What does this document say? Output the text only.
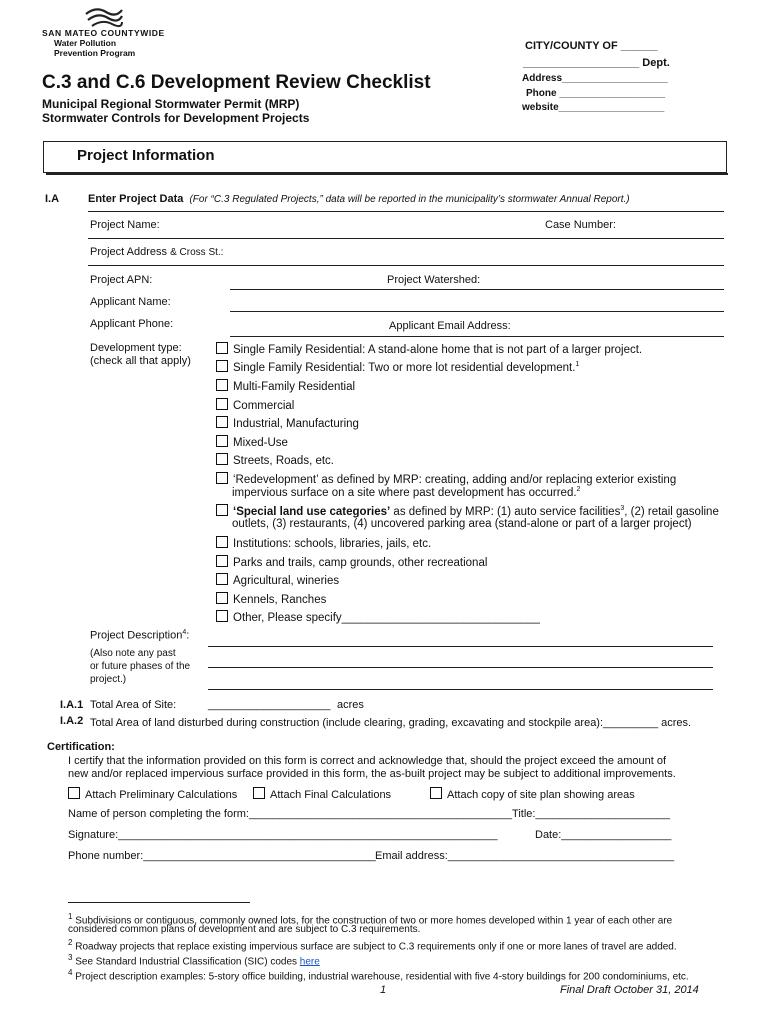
SAN MATEO COUNTYWIDE
Water Pollution
Prevention Program
CITY/COUNTY OF ______
___________________ Dept.
Address___________________
Phone ___________________
website___________________
C.3 and C.6 Development Review Checklist
Municipal Regional Stormwater Permit (MRP)
Stormwater Controls for Development Projects
Project Information
I.A	Enter Project Data (For “C.3 Regulated Projects,” data will be reported in the municipality’s stormwater Annual Report.)
Project Name:	Case Number:
Project Address & Cross St.:
Project APN:	Project Watershed:
Applicant Name:
Applicant Phone:	Applicant Email Address:
Development type:
(check all that apply)
Single Family Residential: A stand-alone home that is not part of a larger project.
Single Family Residential: Two or more lot residential development.$^1$
Multi-Family Residential
Commercial
Industrial, Manufacturing
Mixed-Use
Streets, Roads, etc.
‘Redevelopment’ as defined by MRP: creating, adding and/or replacing exterior existing
impervious surface on a site where past development has occurred.$^2$
‘Special land use categories’ as defined by MRP: (1) auto service facilities$^3$, (2) retail gasoline
outlets, (3) restaurants, (4) uncovered parking area (stand-alone or part of a larger project)
Institutions: schools, libraries, jails, etc.
Parks and trails, camp grounds, other recreational
Agricultural, wineries
Kennels, Ranches
Other, Please specify_______________________________
Project Description$^4$:
(Also note any past
or future phases of the
project.)
I.A.1 Total Area of Site:	____________________ acres
I.A.2 Total Area of land disturbed during construction (include clearing, grading, excavating and stockpile area):_________ acres.
Certification:
I certify that the information provided on this form is correct and acknowledge that, should the project exceed the amount of
new and/or replaced impervious surface provided in this form, the as-built project may be subject to additional improvements.
Attach Preliminary Calculations	Attach Final Calculations	Attach copy of site plan showing areas
Name of person completing the form:___________________________________________Title:______________________
Signature:______________________________________________________________	Date:__________________
Phone number:______________________________________ Email address:_____________________________________
$^1$ Subdivisions or contiguous, commonly owned lots, for the construction of two or more homes developed within 1 year of each other are
considered common plans of development and are subject to C.3 requirements.
$^2$ Roadway projects that replace existing impervious surface are subject to C.3 requirements only if one or more lanes of travel are added.
$^3$ See Standard Industrial Classification (SIC) codes here
$^4$ Project description examples: 5-story office building, industrial warehouse, residential with five 4-story buildings for 200 condominiums, etc.
1	Final Draft October 31, 2014
